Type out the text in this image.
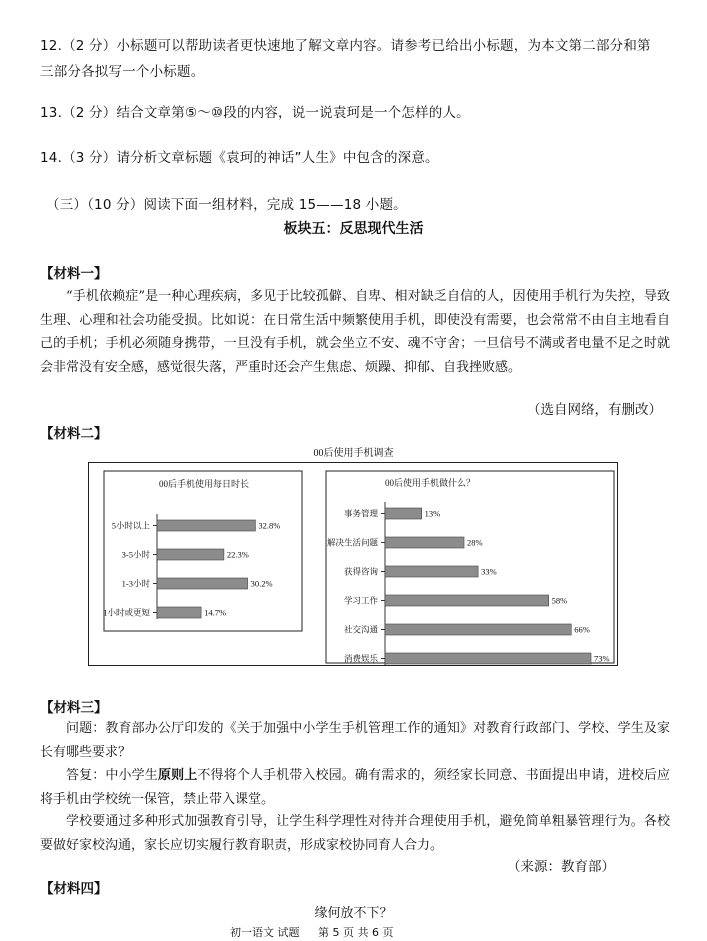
12.（2 分）小标题可以帮助读者更快速地了解文章内容。请参考已给出小标题，为本文第二部分和第
三部分各拟写一个小标题。
13.（2 分）结合文章第⑤～⑩段的内容，说一说袁珂是一个怎样的人。
14.（3 分）请分析文章标题《袁珂的神话”人生》中包含的深意。
（三）（10 分）阅读下面一组材料，完成 15——18 小题。
板块五：反思现代生活
【材料一】
“手机依赖症”是一种心理疾病，多见于比较孤僻、自卑、相对缺乏自信的人，因使用手机行为失控，导致生理、心理和社会功能受损。比如说：在日常生活中频繁使用手机，即使没有需要，也会常常不由自主地看自己的手机；手机必须随身携带，一旦没有手机，就会坐立不安、魂不守舍；一旦信号不满或者电量不足之时就会非常没有安全感，感觉很失落，严重时还会产生焦虑、烦躁、抑郁、自我挫败感。
（选自网络，有删改）
【材料二】
00后使用手机调查
00后手机使用每日时长
5小时以上	32.8%
3-5小时	22.3%
1-3小时	30.2%
1小时或更短	14.7%
00后使用手机做什么？
事务管理	13%
解决生活问题	28%
获得咨询	33%
学习工作	58%
社交沟通	66%
消费娱乐	73%
【材料三】
问题：教育部办公厅印发的《关于加强中小学生手机管理工作的通知》对教育行政部门、学校、学生及家长有哪些要求？
答复：中小学生原则上不得将个人手机带入校园。确有需求的，须经家长同意、书面提出申请，进校后应将手机由学校统一保管，禁止带入课堂。
学校要通过多种形式加强教育引导，让学生科学理性对待并合理使用手机，避免简单粗暴管理行为。各校要做好家校沟通，家长应切实履行教育职责，形成家校协同育人合力。
（来源：教育部）
【材料四】
缘何放不下？
初一语文 试题 第 5 页 共 6 页
